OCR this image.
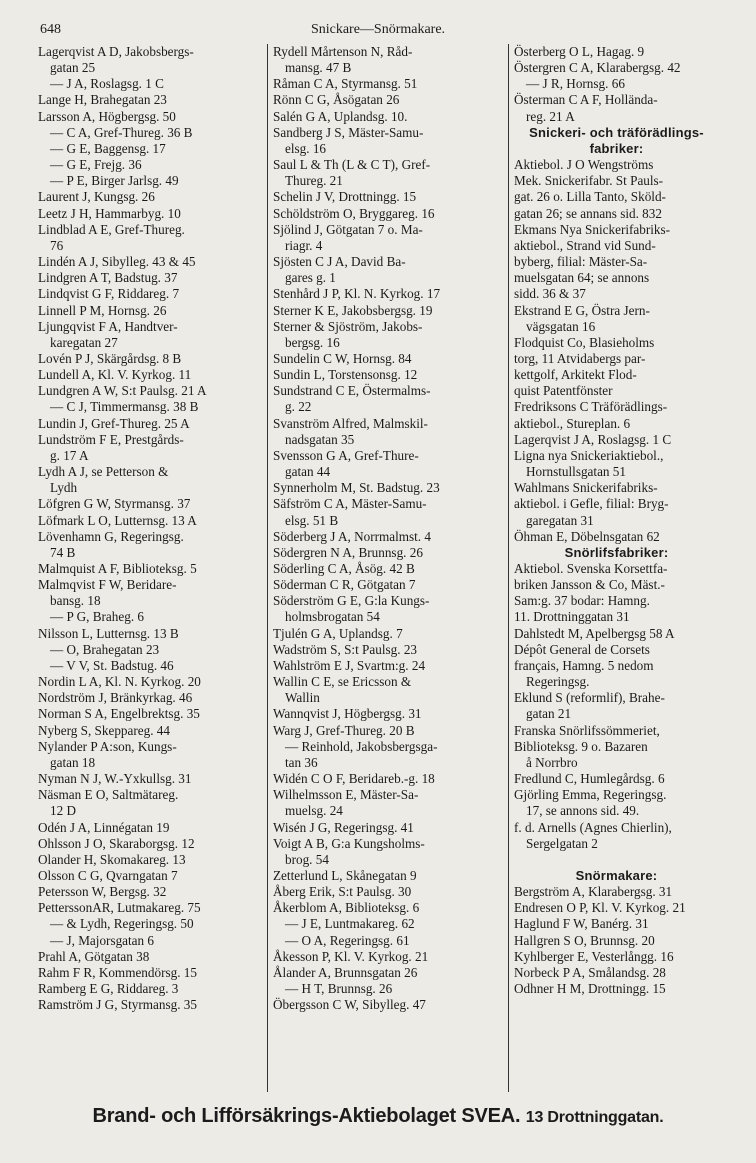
648	Snickare—Snörmakare.
Lagerqvist A D, Jakobsbergs-
gatan 25
— J A, Roslagsg. 1 C
Lange H, Brahegatan 23
Larsson A, Högbergsg. 50
— C A, Gref-Thureg. 36 B
— G E, Baggensg. 17
— G E, Frejg. 36
— P E, Birger Jarlsg. 49
Laurent J, Kungsg. 26
Leetz J H, Hammarbyg. 10
Lindblad A E, Gref-Thureg.
76
Lindén A J, Sibylleg. 43 & 45
Lindgren A T, Badstug. 37
Lindqvist G F, Riddareg. 7
Linnell P M, Hornsg. 26
Ljungqvist F A, Handtver-
karegatan 27
Lovén P J, Skärgårdsg. 8 B
Lundell A, Kl. V. Kyrkog. 11
Lundgren A W, S:t Paulsg. 21 A
— C J, Timmermansg. 38 B
Lundin J, Gref-Thureg. 25 A
Lundström F E, Prestgårds-
g. 17 A
Lydh A J, se Petterson &
Lydh
Löfgren G W, Styrmansg. 37
Löfmark L O, Lutternsg. 13 A
Lövenhamn G, Regeringsg.
74 B
Malmquist A F, Biblioteksg. 5
Malmqvist F W, Beridare-
bansg. 18
— P G, Braheg. 6
Nilsson L, Lutternsg. 13 B
— O, Brahegatan 23
— V V, St. Badstug. 46
Nordin L A, Kl. N. Kyrkog. 20
Nordström J, Bränkyrkag. 46
Norman S A, Engelbrektsg. 35
Nyberg S, Skeppareg. 44
Nylander P A:son, Kungs-
gatan 18
Nyman N J, W.-Yxkullsg. 31
Näsman E O, Saltmätareg.
12 D
Odén J A, Linnégatan 19
Ohlsson J O, Skaraborgsg. 12
Olander H, Skomakareg. 13
Olsson C G, Qvarngatan 7
Petersson W, Bergsg. 32
PetterssonAR, Lutmakareg. 75
— & Lydh, Regeringsg. 50
— J, Majorsgatan 6
Prahl A, Götgatan 38
Rahm F R, Kommendörsg. 15
Ramberg E G, Riddareg. 3
Ramström J G, Styrmansg. 35
Rydell Mårtenson N, Råd-
mansg. 47 B
Råman C A, Styrmansg. 51
Rönn C G, Åsögatan 26
Salén G A, Uplandsg. 10.
Sandberg J S, Mäster-Samu-
elsg. 16
Saul L & Th (L & C T), Gref-
Thureg. 21
Schelin J V, Drottningg. 15
Schöldström O, Bryggareg. 16
Sjölind J, Götgatan 7 o. Ma-
riagr. 4
Sjösten C J A, David Ba-
gares g. 1
Stenhård J P, Kl. N. Kyrkog. 17
Sterner K E, Jakobsbergsg. 19
Sterner & Sjöström, Jakobs-
bergsg. 16
Sundelin C W, Hornsg. 84
Sundin L, Torstensonsg. 12
Sundstrand C E, Östermalms-
g. 22
Svanström Alfred, Malmskil-
nadsgatan 35
Svensson G A, Gref-Thure-
gatan 44
Synnerholm M, St. Badstug. 23
Säfström C A, Mäster-Samu-
elsg. 51 B
Söderberg J A, Norrmalmst. 4
Södergren N A, Brunnsg. 26
Söderling C A, Åsög. 42 B
Söderman C R, Götgatan 7
Söderström G E, G:la Kungs-
holmsbrogatan 54
Tjulén G A, Uplandsg. 7
Wadström S, S:t Paulsg. 23
Wahlström E J, Svartm:g. 24
Wallin C E, se Ericsson &
Wallin
Wannqvist J, Högbergsg. 31
Warg J, Gref-Thureg. 20 B
— Reinhold, Jakobsbergsga-
tan 36
Widén C O F, Beridareb.-g. 18
Wilhelmsson E, Mäster-Sa-
muelsg. 24
Wisén J G, Regeringsg. 41
Voigt A B, G:a Kungsholms-
brog. 54
Zetterlund L, Skånegatan 9
Åberg Erik, S:t Paulsg. 30
Åkerblom A, Biblioteksg. 6
— J E, Luntmakareg. 62
— O A, Regeringsg. 61
Åkesson P, Kl. V. Kyrkog. 21
Ålander A, Brunnsgatan 26
— H T, Brunnsg. 26
Öbergsson C W, Sibylleg. 47
Österberg O L, Hagag. 9
Östergren C A, Klarabergsg. 42
— J R, Hornsg. 66
Österman C A F, Hollända-
reg. 21 A
Snickeri- och träförädlings-
fabriker:
Aktiebol. J O Wengströms
Mek. Snickerifabr. St Pauls-
gat. 26 o. Lilla Tanto, Sköld-
gatan 26; se annans sid. 832
Ekmans Nya Snickerifabriks-
aktiebol., Strand vid Sund-
byberg, filial: Mäster-Sa-
muelsgatan 64; se annons
sidd. 36 & 37
Ekstrand E G, Östra Jern-
vägsgatan 16
Flodquist Co, Blasieholms
torg, 11 Atvidabergs par-
kettgolf, Arkitekt Flod-
quist Patentfönster
Fredriksons C Träförädlings-
aktiebol., Stureplan. 6
Lagerqvist J A, Roslagsg. 1 C
Ligna nya Snickeriaktiebol.,
Hornstullsgatan 51
Wahlmans Snickerifabriks-
aktiebol. i Gefle, filial: Bryg-
garegatan 31
Öhman E, Döbelnsgatan 62
Snörlifsfabriker:
Aktiebol. Svenska Korsettfa-
briken Jansson & Co, Mäst.-
Sam:g. 37 bodar: Hamng.
11. Drottninggatan 31
Dahlstedt M, Apelbergsg 58 A
Dépôt General de Corsets
français, Hamng. 5 nedom
Regeringsg.
Eklund S (reformlif), Brahe-
gatan 21
Franska Snörlifssömmeriet,
Biblioteksg. 9 o. Bazaren
å Norrbro
Fredlund C, Humlegårdsg. 6
Gjörling Emma, Regeringsg.
17, se annons sid. 49.
f. d. Arnells (Agnes Chierlin),
Sergelgatan 2

Snörmakare:
Bergström A, Klarabergsg. 31
Endresen O P, Kl. V. Kyrkog. 21
Haglund F W, Banérg. 31
Hallgren S O, Brunnsg. 20
Kyhlberger E, Vesterlångg. 16
Norbeck P A, Smålandsg. 28
Odhner H M, Drottningg. 15
Brand- och Lifförsäkrings-Aktiebolaget SVEA. 13 Drottninggatan.
